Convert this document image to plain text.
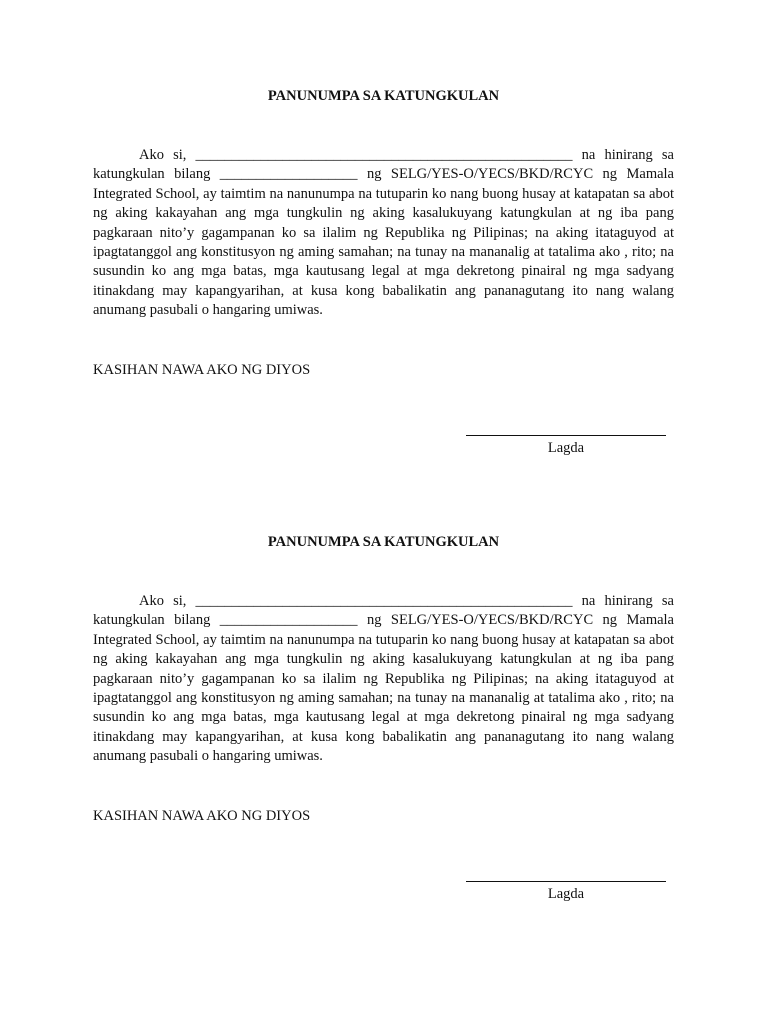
PANUNUMPA SA KATUNGKULAN

Ako si, ____________________________________________________ na hinirang sa katungkulan bilang ___________________ ng SELG/YES-O/YECS/BKD/RCYC ng Mamala Integrated School, ay taimtim na nanunumpa na tutuparin ko nang buong husay at katapatan sa abot ng aking kakayahan ang mga tungkulin ng aking kasalukuyang katungkulan at ng iba pang pagkaraan nito’y gagampanan ko sa ilalim ng Republika ng Pilipinas; na aking itataguyod at ipagtatanggol ang konstitusyon ng aming samahan; na tunay na mananalig at tatalima ako , rito; na susundin ko ang mga batas, mga kautusang legal at mga dekretong pinairal ng mga sadyang itinakdang may kapangyarihan, at kusa kong babalikatin ang pananagutang ito nang walang anumang pasubali o hangaring umiwas.

KASIHAN NAWA AKO NG DIYOS

Lagda
PANUNUMPA SA KATUNGKULAN

Ako si, ____________________________________________________ na hinirang sa katungkulan bilang ___________________ ng SELG/YES-O/YECS/BKD/RCYC ng Mamala Integrated School, ay taimtim na nanunumpa na tutuparin ko nang buong husay at katapatan sa abot ng aking kakayahan ang mga tungkulin ng aking kasalukuyang katungkulan at ng iba pang pagkaraan nito’y gagampanan ko sa ilalim ng Republika ng Pilipinas; na aking itataguyod at ipagtatanggol ang konstitusyon ng aming samahan; na tunay na mananalig at tatalima ako , rito; na susundin ko ang mga batas, mga kautusang legal at mga dekretong pinairal ng mga sadyang itinakdang may kapangyarihan, at kusa kong babalikatin ang pananagutang ito nang walang anumang pasubali o hangaring umiwas.

KASIHAN NAWA AKO NG DIYOS

Lagda
